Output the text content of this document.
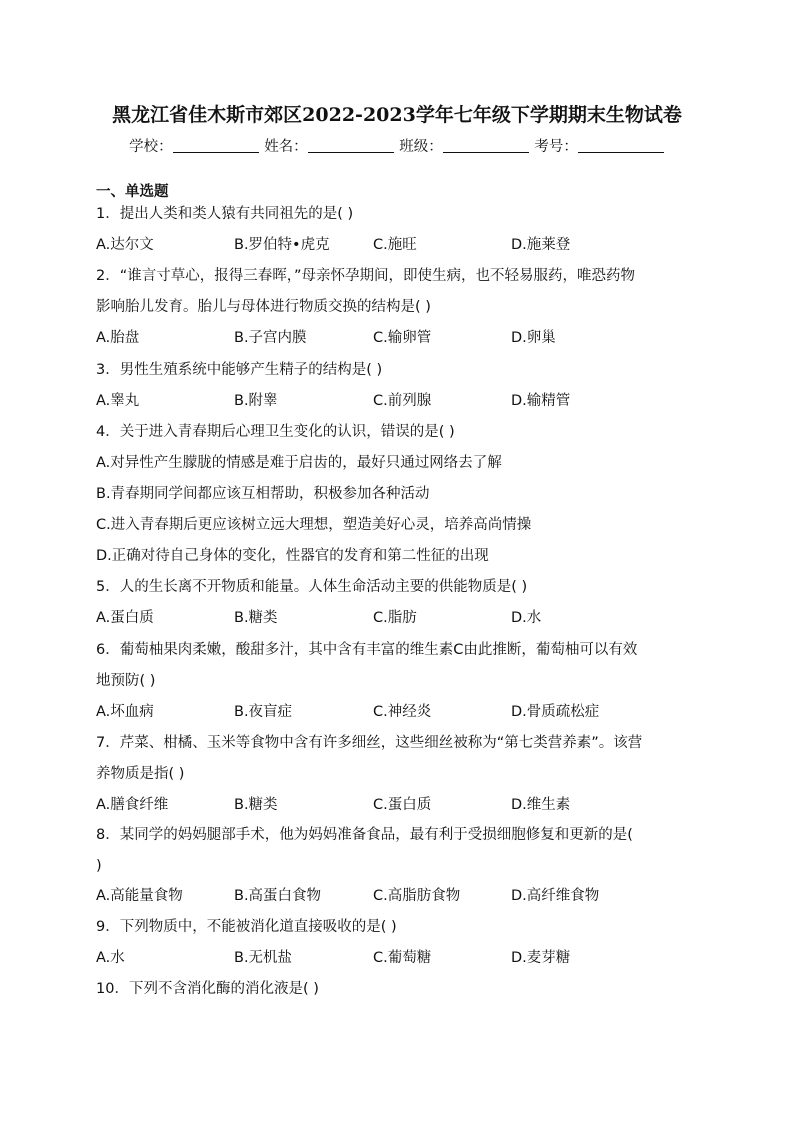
黑龙江省佳木斯市郊区2022-2023学年七年级下学期期末生物试卷
学校：	姓名：	班级：	考号：
一、单选题
1．提出人类和类人猿有共同祖先的是( )
A.达尔文	B.罗伯特•虎克	C.施旺	D.施莱登
2．“谁言寸草心，报得三春晖，”母亲怀孕期间，即使生病，也不轻易服药，唯恐药物
影响胎儿发育。胎儿与母体进行物质交换的结构是( )
A.胎盘	B.子宫内膜	C.输卵管	D.卵巢
3．男性生殖系统中能够产生精子的结构是( )
A.睾丸	B.附睾	C.前列腺	D.输精管
4．关于进入青春期后心理卫生变化的认识，错误的是( )
A.对异性产生朦胧的情感是难于启齿的，最好只通过网络去了解
B.青春期同学间都应该互相帮助，积极参加各种活动
C.进入青春期后更应该树立远大理想，塑造美好心灵，培养高尚情操
D.正确对待自己身体的变化，性器官的发育和第二性征的出现
5．人的生长离不开物质和能量。人体生命活动主要的供能物质是( )
A.蛋白质	B.糖类	C.脂肪	D.水
6．葡萄柚果肉柔嫩，酸甜多汁，其中含有丰富的维生素C由此推断，葡萄柚可以有效
地预防( )
A.坏血病	B.夜盲症	C.神经炎	D.骨质疏松症
7．芹菜、柑橘、玉米等食物中含有许多细丝，这些细丝被称为“第七类营养素”。该营
养物质是指( )
A.膳食纤维	B.糖类	C.蛋白质	D.维生素
8．某同学的妈妈腿部手术，他为妈妈准备食品，最有利于受损细胞修复和更新的是(
)
A.高能量食物	B.高蛋白食物	C.高脂肪食物	D.高纤维食物
9．下列物质中，不能被消化道直接吸收的是( )
A.水	B.无机盐	C.葡萄糖	D.麦芽糖
10．下列不含消化酶的消化液是( )
